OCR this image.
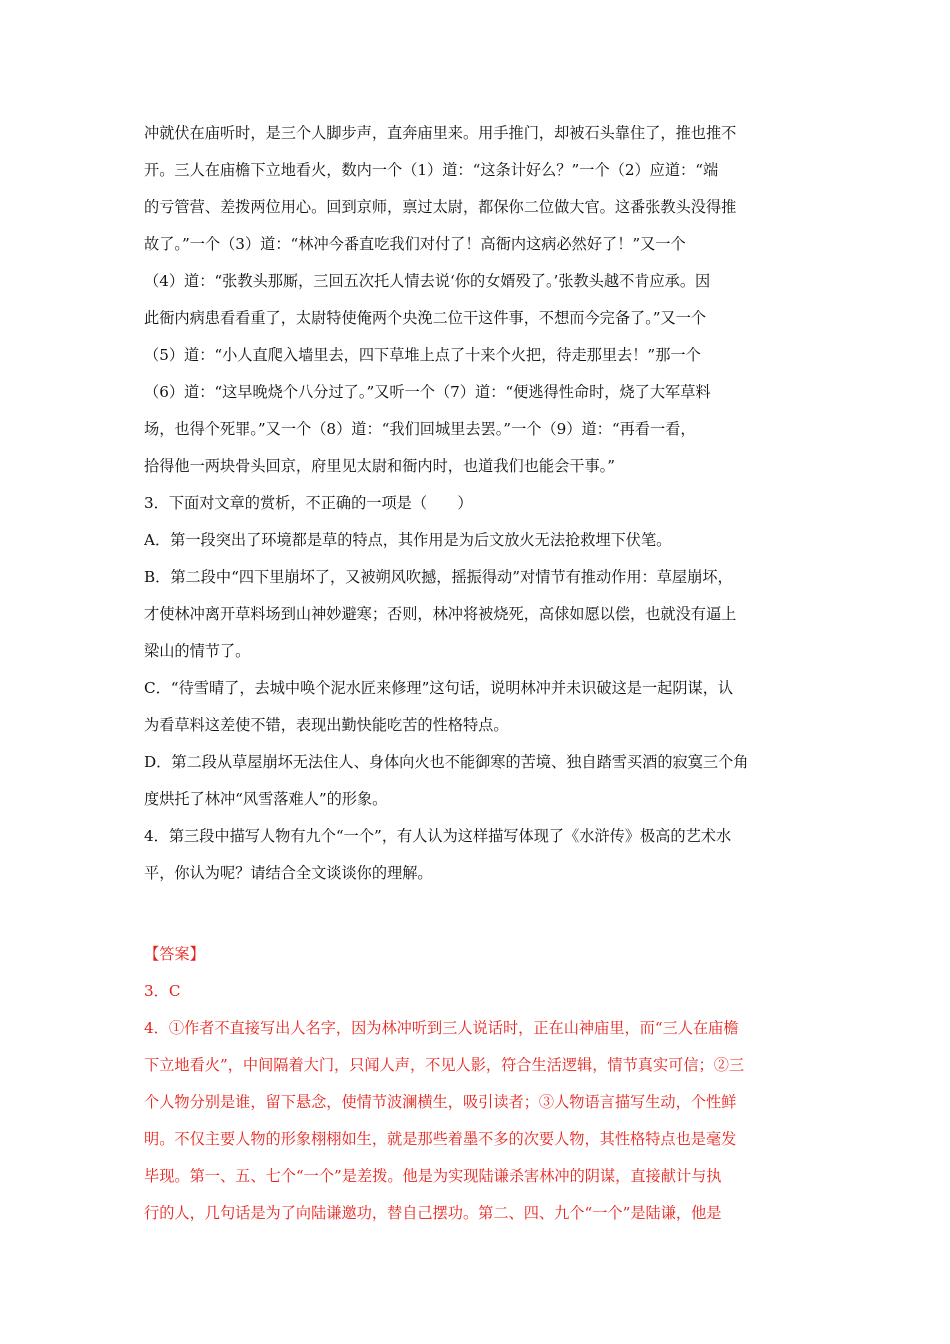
冲就伏在庙听时，是三个人脚步声，直奔庙里来。用手推门，却被石头靠住了，推也推不
开。三人在庙檐下立地看火，数内一个（1）道：“这条计好么？”一个（2）应道：“端
的亏管营、差拨两位用心。回到京师，禀过太尉，都保你二位做大官。这番张教头没得推
故了。”一个（3）道：“林冲今番直吃我们对付了！高衙内这病必然好了！”又一个
（4）道：“张教头那厮，三回五次托人情去说‘你的女婿殁了。’张教头越不肯应承。因
此衙内病患看看重了，太尉特使俺两个央浼二位干这件事，不想而今完备了。”又一个
（5）道：“小人直爬入墙里去，四下草堆上点了十来个火把，待走那里去！”那一个
（6）道：“这早晚烧个八分过了。”又听一个（7）道：“便逃得性命时，烧了大军草料
场，也得个死罪。”又一个（8）道：“我们回城里去罢。”一个（9）道：“再看一看，
拾得他一两块骨头回京，府里见太尉和衙内时，也道我们也能会干事。”
3．下面对文章的赏析，不正确的一项是（　　）
A．第一段突出了环境都是草的特点，其作用是为后文放火无法抢救埋下伏笔。
B．第二段中“四下里崩坏了，又被朔风吹撼，摇振得动”对情节有推动作用：草屋崩坏，
才使林冲离开草料场到山神妙避寒；否则，林冲将被烧死，高俅如愿以偿，也就没有逼上
梁山的情节了。
C．“待雪晴了，去城中唤个泥水匠来修理”这句话，说明林冲并未识破这是一起阴谋，认
为看草料这差使不错，表现出勤快能吃苦的性格特点。
D．第二段从草屋崩坏无法住人、身体向火也不能御寒的苦境、独自踏雪买酒的寂寞三个角
度烘托了林冲“风雪落难人”的形象。
4．第三段中描写人物有九个“一个”，有人认为这样描写体现了《水浒传》极高的艺术水
平，你认为呢？请结合全文谈谈你的理解。
【答案】
3．C
4．①作者不直接写出人名字，因为林冲听到三人说话时，正在山神庙里，而“三人在庙檐
下立地看火”，中间隔着大门，只闻人声，不见人影，符合生活逻辑，情节真实可信；②三
个人物分别是谁，留下悬念，使情节波澜横生，吸引读者；③人物语言描写生动，个性鲜
明。不仅主要人物的形象栩栩如生，就是那些着墨不多的次要人物，其性格特点也是毫发
毕现。第一、五、七个“一个”是差拨。他是为实现陆谦杀害林冲的阴谋，直接献计与执
行的人，几句话是为了向陆谦邀功，替自己摆功。第二、四、九个“一个”是陆谦，他是
